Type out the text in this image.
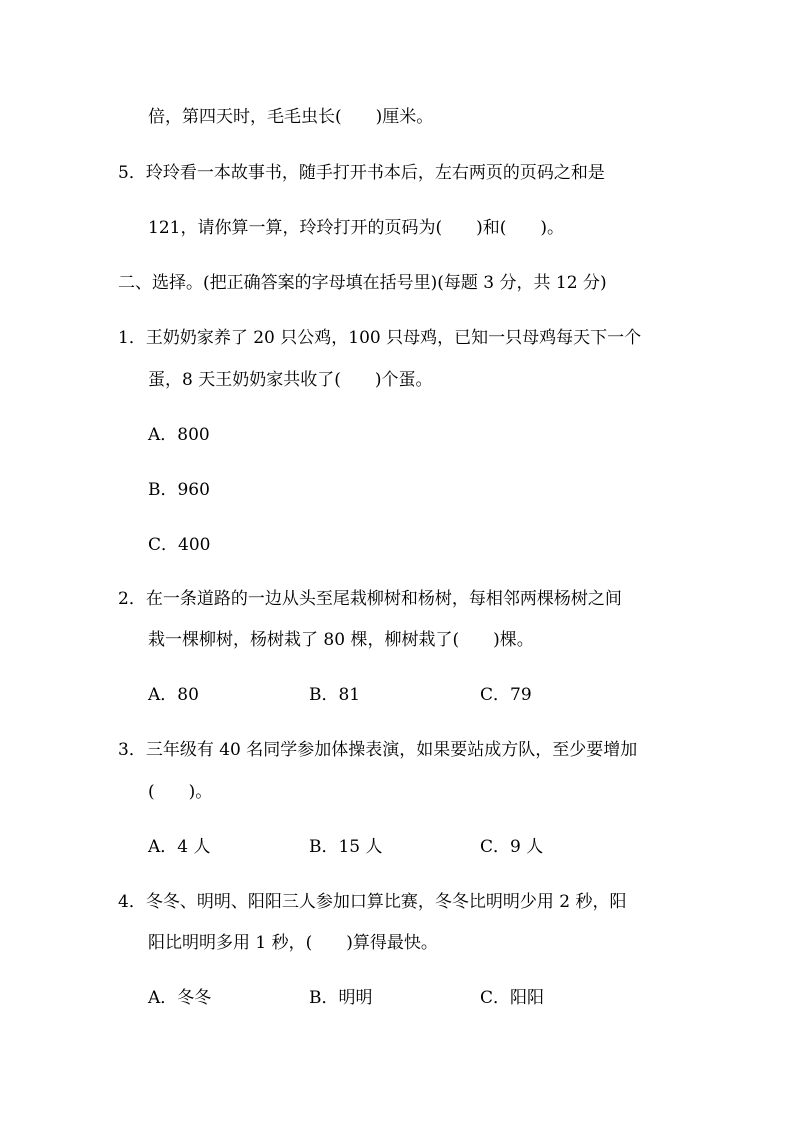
倍，第四天时，毛毛虫长(　　)厘米。
5．玲玲看一本故事书，随手打开书本后，左右两页的页码之和是
121，请你算一算，玲玲打开的页码为(　　)和(　　)。
二、选择。(把正确答案的字母填在括号里)(每题 3 分，共 12 分)
1．王奶奶家养了 20 只公鸡，100 只母鸡，已知一只母鸡每天下一个
蛋，8 天王奶奶家共收了(　　)个蛋。
A．800
B．960
C．400
2．在一条道路的一边从头至尾栽柳树和杨树，每相邻两棵杨树之间
栽一棵柳树，杨树栽了 80 棵，柳树栽了(　　)棵。
A．80	B．81	C．79
3．三年级有 40 名同学参加体操表演，如果要站成方队，至少要增加
(　　)。
A．4 人	B．15 人	C．9 人
4．冬冬、明明、阳阳三人参加口算比赛，冬冬比明明少用 2 秒，阳
阳比明明多用 1 秒，(　　)算得最快。
A．冬冬	B．明明	C．阳阳
